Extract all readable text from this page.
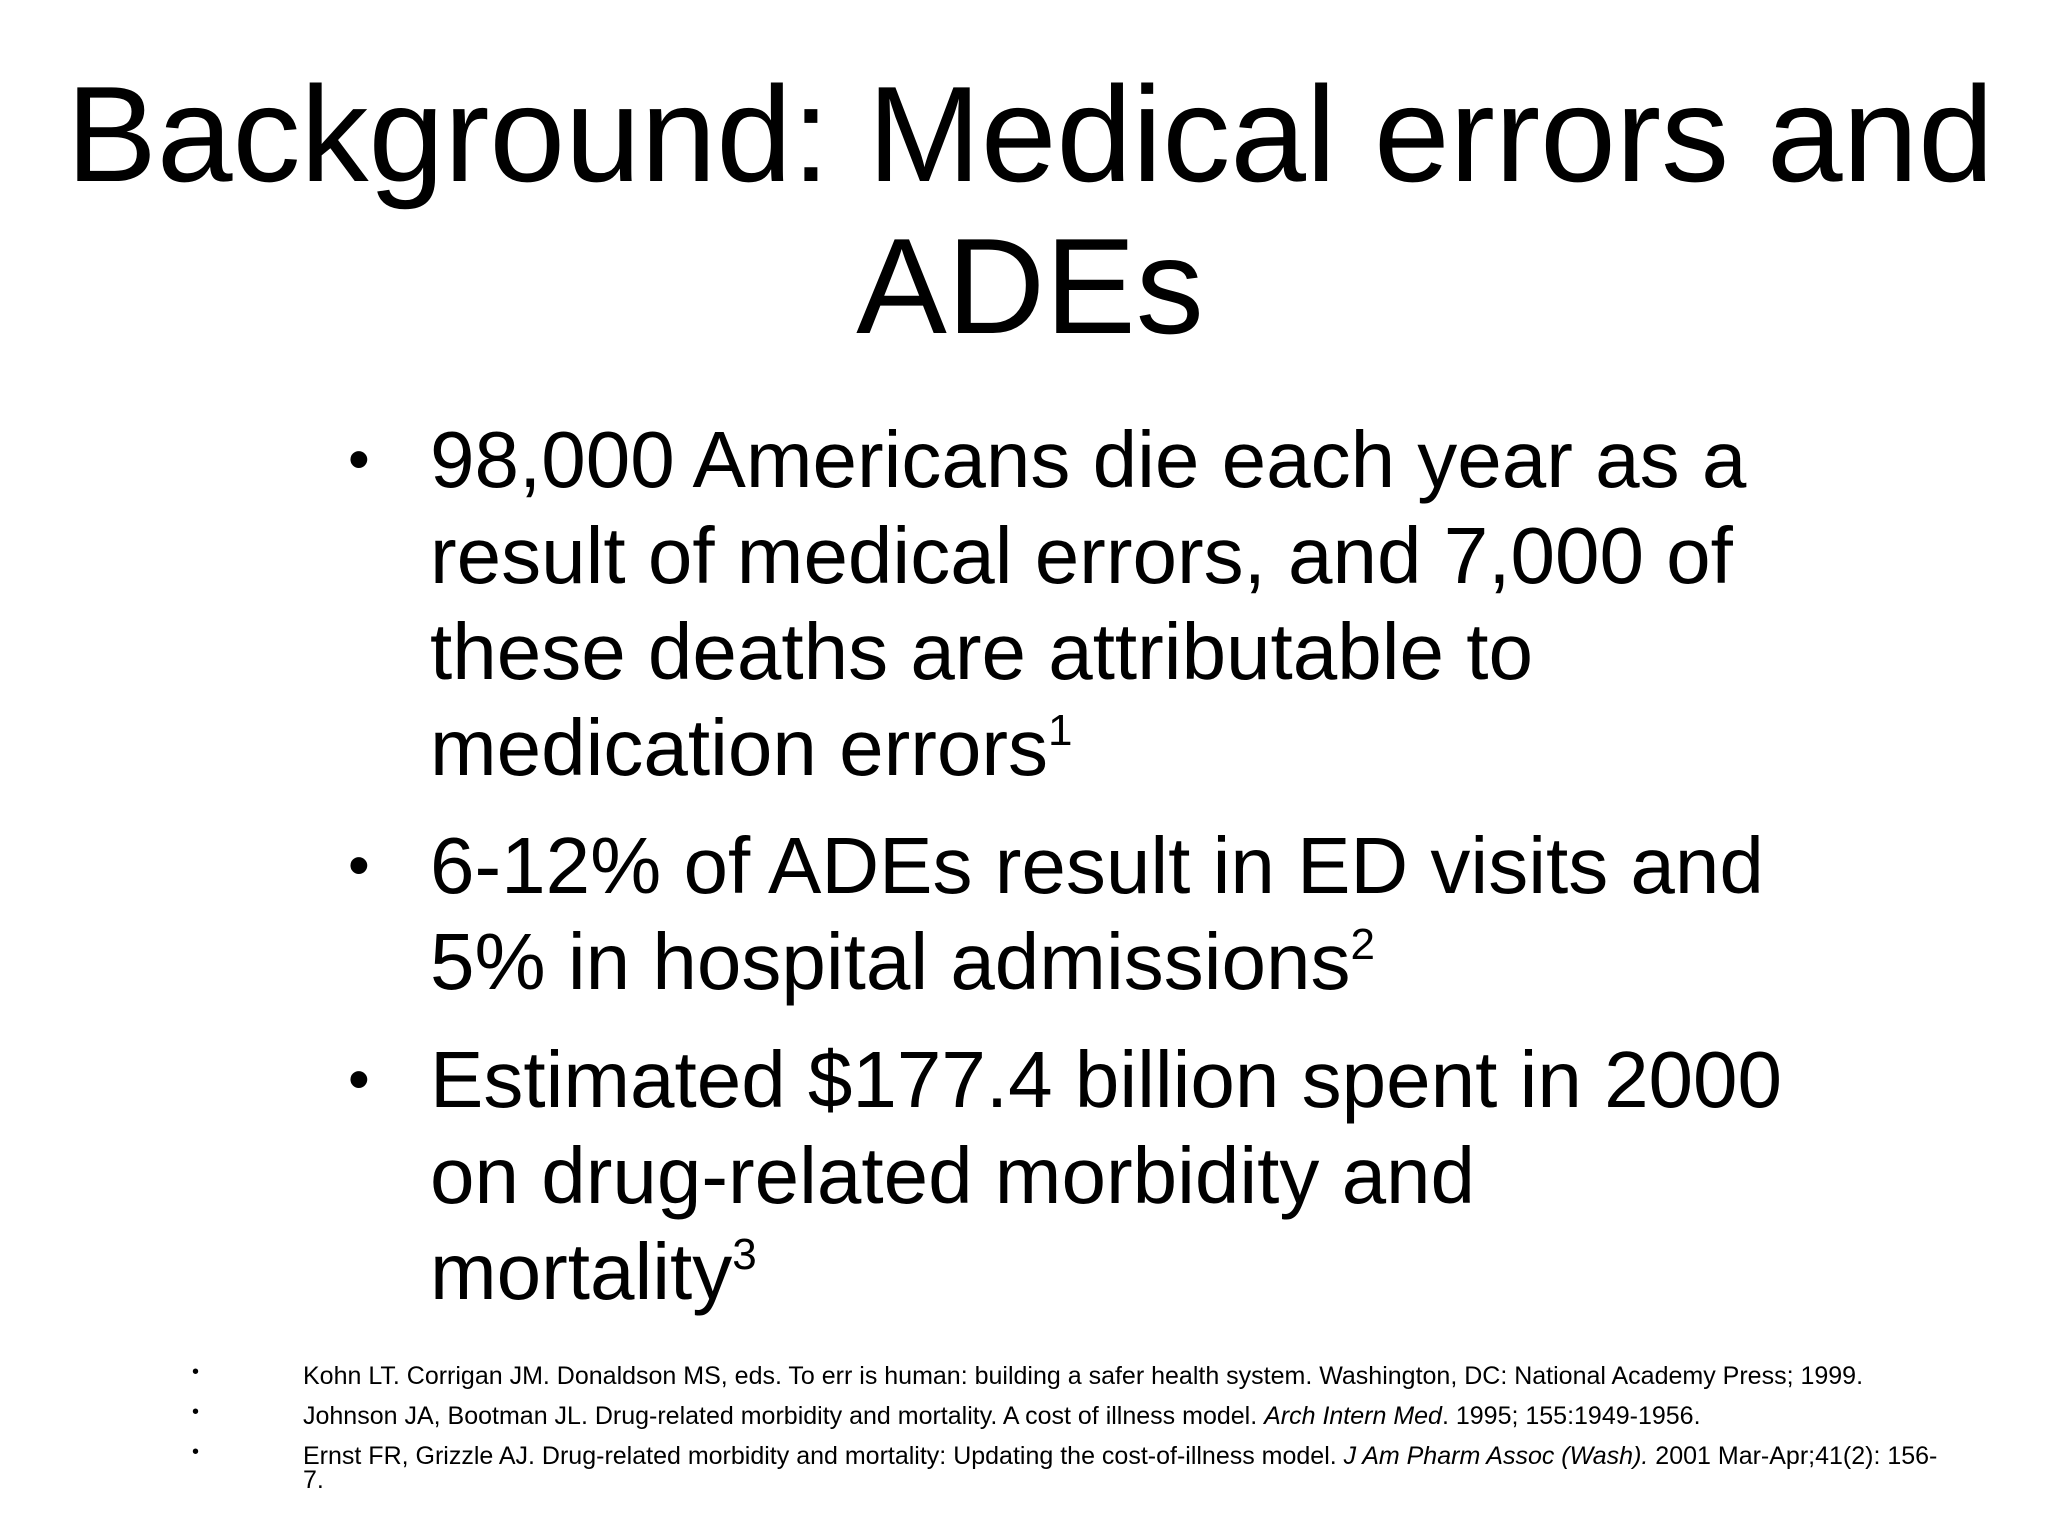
Background: Medical errors and ADEs
• 98,000 Americans die each year as a result of medical errors, and 7,000 of these deaths are attributable to medication errors$^1$
• 6-12% of ADEs result in ED visits and 5% in hospital admissions$^2$
• Estimated $177.4 billion spent in 2000 on drug-related morbidity and mortality$^3$
•	Kohn LT. Corrigan JM. Donaldson MS, eds. To err is human: building a safer health system. Washington, DC: National Academy Press; 1999.
•	Johnson JA, Bootman JL. Drug-related morbidity and mortality. A cost of illness model. Arch Intern Med. 1995; 155:1949-1956.
•	Ernst FR, Grizzle AJ. Drug-related morbidity and mortality: Updating the cost-of-illness model. J Am Pharm Assoc (Wash). 2001 Mar-Apr;41(2): 156-7.
